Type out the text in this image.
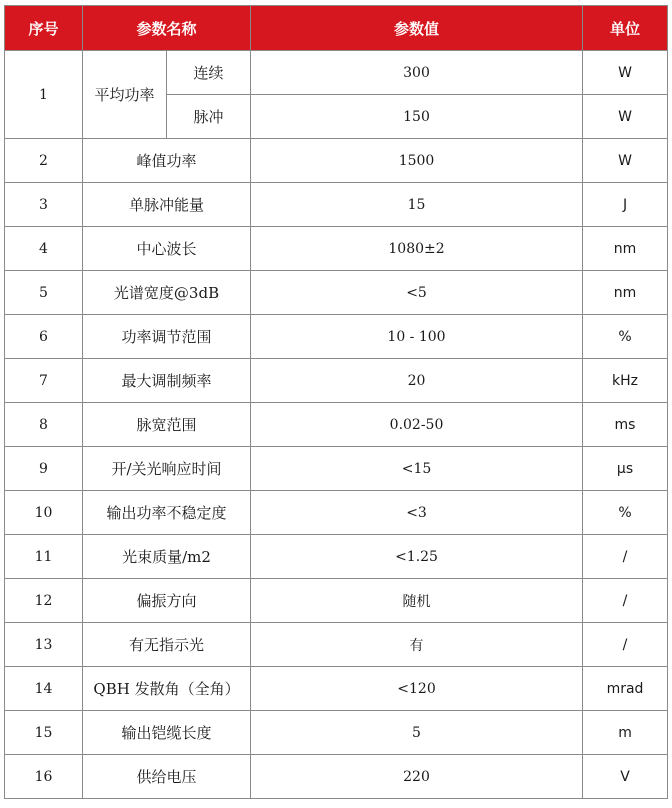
序号	参数名称		参数值	单位
1	平均功率	连续	300	W
		脉冲	150	W
2	峰值功率		1500	W
3	单脉冲能量		15	J
4	中心波长		1080±2	nm
5	光谱宽度@3dB		<5	nm
6	功率调节范围		10 - 100	%
7	最大调制频率		20	kHz
8	脉宽范围		0.02-50	ms
9	开/关光响应时间		<15	μs
10	输出功率不稳定度		<3	%
11	光束质量/m2		<1.25	/
12	偏振方向		随机	/
13	有无指示光		有	/
14	QBH 发散角（全角）		<120	mrad
15	输出铠缆长度		5	m
16	供给电压		220	V
